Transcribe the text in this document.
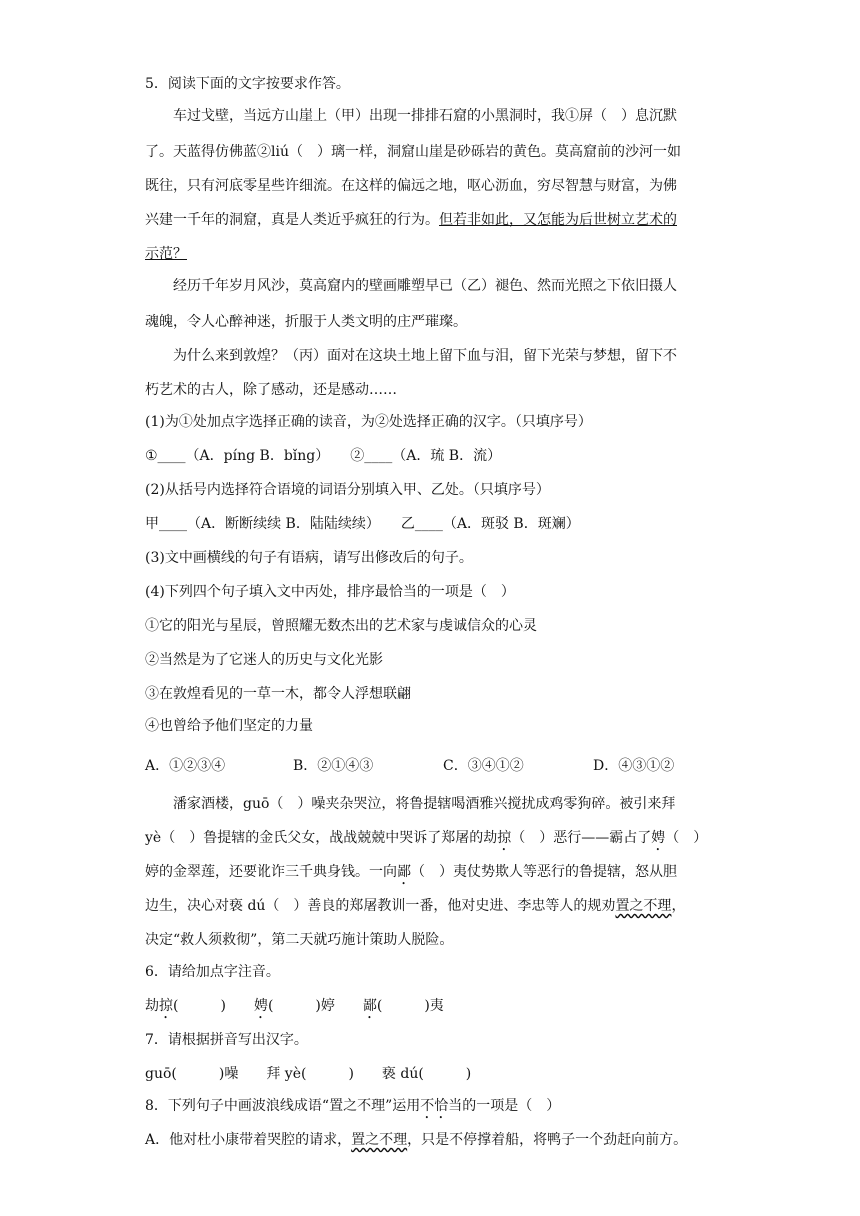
5．阅读下面的文字按要求作答。
车过戈壁，当远方山崖上（甲）出现一排排石窟的小黑洞时，我①屏（　）息沉默
了。天蓝得仿佛蓝②liú（　）璃一样，洞窟山崖是砂砾岩的黄色。莫高窟前的沙河一如
既往，只有河底零星些许细流。在这样的偏远之地，呕心沥血，穷尽智慧与财富，为佛
兴建一千年的洞窟，真是人类近乎疯狂的行为。但若非如此，又怎能为后世树立艺术的
示范？
经历千年岁月风沙，莫高窟内的壁画雕塑早已（乙）褪色、然而光照之下依旧摄人
魂魄，令人心醉神迷，折服于人类文明的庄严璀璨。
为什么来到敦煌？（丙）面对在这块土地上留下血与泪，留下光荣与梦想，留下不
朽艺术的古人，除了感动，还是感动……
(1)为①处加点字选择正确的读音，为②处选择正确的汉字。（只填序号）
①____（A．píng B．bǐng）　　②____（A．琉 B．流）
(2)从括号内选择符合语境的词语分别填入甲、乙处。（只填序号）
甲____（A．断断续续 B．陆陆续续）　　乙____（A．斑驳 B．斑斓）
(3)文中画横线的句子有语病，请写出修改后的句子。
(4)下列四个句子填入文中丙处，排序最恰当的一项是（　）
①它的阳光与星辰，曾照耀无数杰出的艺术家与虔诚信众的心灵
②当然是为了它迷人的历史与文化光影
③在敦煌看见的一草一木，都令人浮想联翩
④也曾给予他们坚定的力量
A．①②③④	B．②①④③	C．③④①②	D．④③①②
潘家酒楼，guō（　）噪夹杂哭泣，将鲁提辖喝酒雅兴搅扰成鸡零狗碎。被引来拜
yè（　）鲁提辖的金氏父女，战战兢兢中哭诉了郑屠的劫掠（　）恶行——霸占了娉（　）
婷的金翠莲，还要讹诈三千典身钱。一向鄙（　）夷仗势欺人等恶行的鲁提辖，怒从胆
边生，决心对亵 dú（　）善良的郑屠教训一番，他对史进、李忠等人的规劝置之不理，
决定“救人须救彻”，第二天就巧施计策助人脱险。
6．请给加点字注音。
劫掠(　　　)　　 娉(　　　)婷　　 鄙(　　　)夷
7．请根据拼音写出汉字。
guō(　　　)噪　　 拜 yè(　　　)　　 亵 dú(　　　)
8．下列句子中画波浪线成语“置之不理”运用不恰当的一项是（　）
A．他对杜小康带着哭腔的请求，置之不理，只是不停撑着船，将鸭子一个劲赶向前方。
